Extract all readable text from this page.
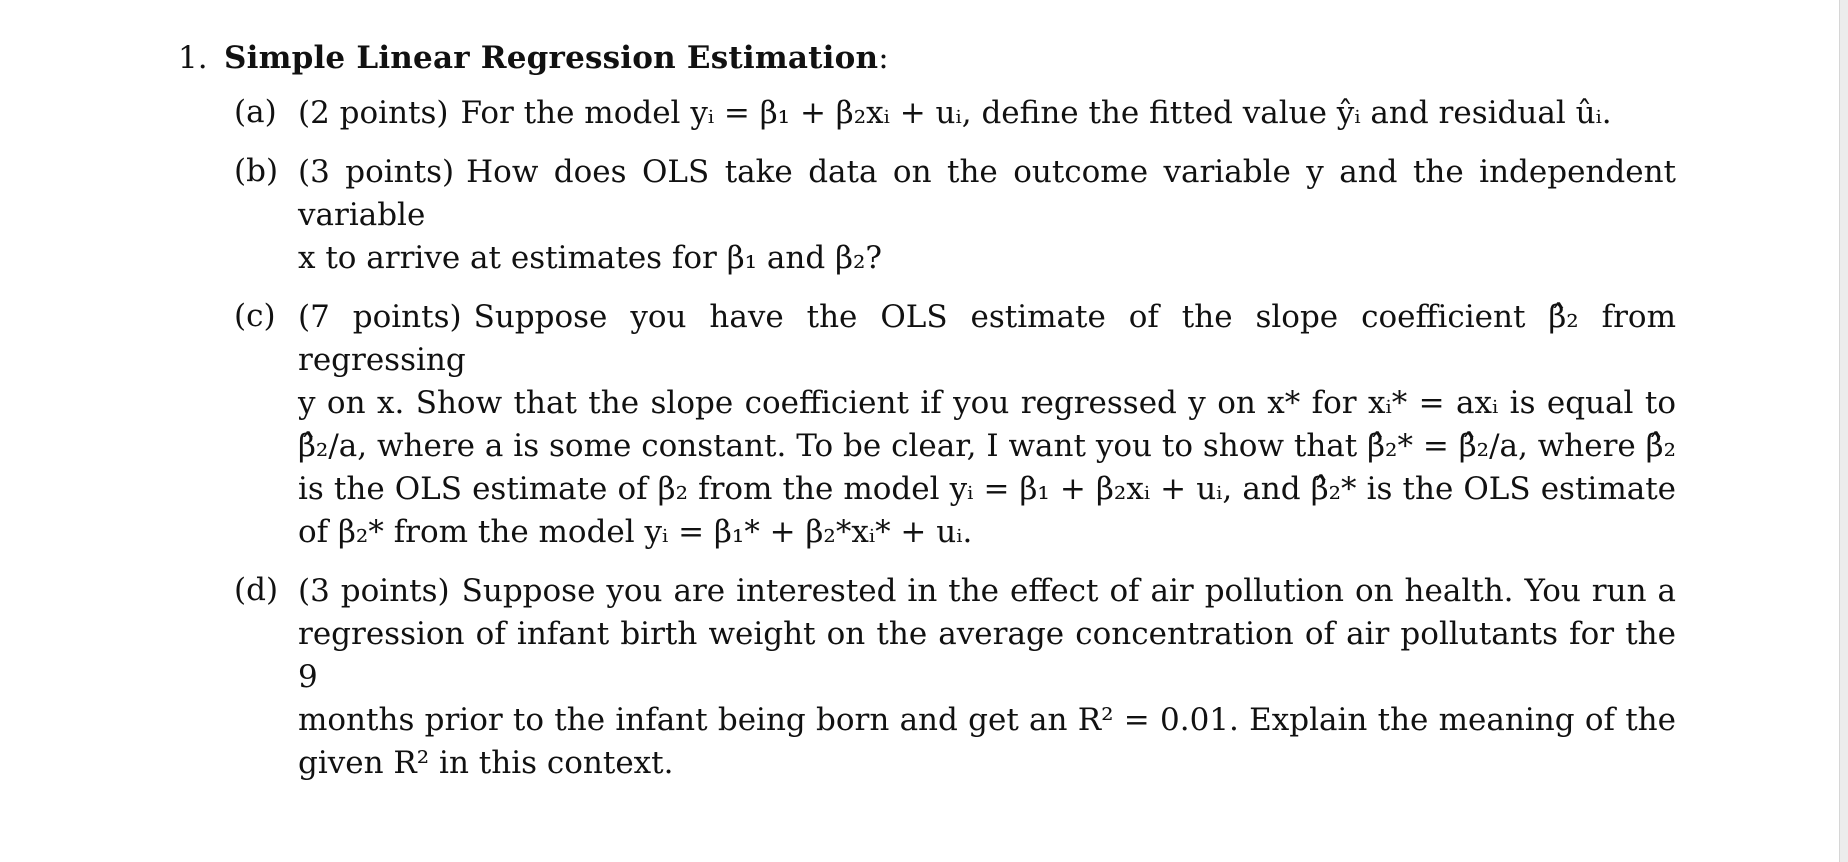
1. Simple Linear Regression Estimation :
(a) (2 points) For the model yᵢ = β₁ + β₂xᵢ + uᵢ, define the fitted value ŷᵢ and residual ûᵢ.
(b) (3 points) How does OLS take data on the outcome variable y and the independent variable
x to arrive at estimates for β₁ and β₂?
(c) (7 points) Suppose you have the OLS estimate of the slope coefficient β̂₂ from regressing
y on x. Show that the slope coefficient if you regressed y on x* for xᵢ* = axᵢ is equal to
β̂₂/a, where a is some constant. To be clear, I want you to show that β̂₂* = β̂₂/a, where β̂₂
is the OLS estimate of β₂ from the model yᵢ = β₁ + β₂xᵢ + uᵢ, and β̂₂* is the OLS estimate
of β₂* from the model yᵢ = β₁* + β₂*xᵢ* + uᵢ.
(d) (3 points) Suppose you are interested in the effect of air pollution on health. You run a
regression of infant birth weight on the average concentration of air pollutants for the 9
months prior to the infant being born and get an R² = 0.01. Explain the meaning of the
given R² in this context.
